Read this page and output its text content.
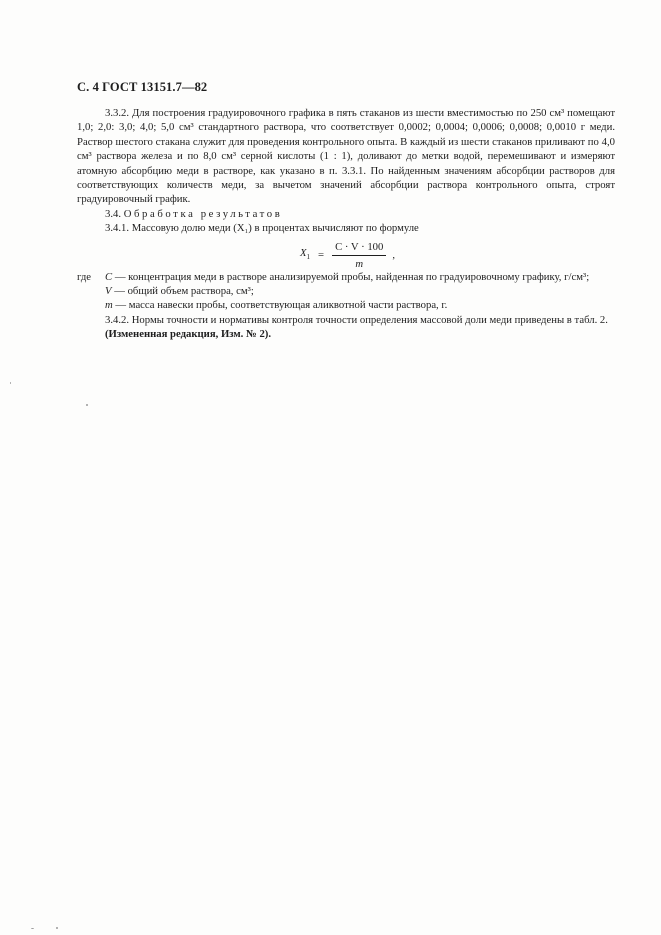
С. 4 ГОСТ 13151.7—82

3.3.2. Для построения градуировочного графика в пять стаканов из шести вместимостью по 250 см³ помещают 1,0; 2,0: 3,0; 4,0; 5,0 см³ стандартного раствора, что соответствует 0,0002; 0,0004; 0,0006; 0,0008; 0,0010 г меди. Раствор шестого стакана служит для проведения контрольного опыта. В каждый из шести стаканов приливают по 4,0 см³ раствора железа и по 8,0 см³ серной кислоты (1 : 1), доливают до метки водой, перемешивают и измеряют атомную абсорбцию меди в растворе, как указано в п. 3.3.1. По найденным значениям абсорбции растворов для соответствующих количеств меди, за вычетом значений абсорбции раствора контрольного опыта, строят градуировочный график.

3.4. Обработка результатов

3.4.1. Массовую долю меди (X₁) в процентах вычисляют по формуле

$X_1 = \frac{C \cdot V \cdot 100}{m}$ ,
где	C — концентрация меди в растворе анализируемой пробы, найденная по градуировочному графику, г/см³;
V — общий объем раствора, см³;
m — масса навески пробы, соответствующая аликвотной части раствора, г.

3.4.2. Нормы точности и нормативы контроля точности определения массовой доли меди приведены в табл. 2.

(Измененная редакция, Изм. № 2).
